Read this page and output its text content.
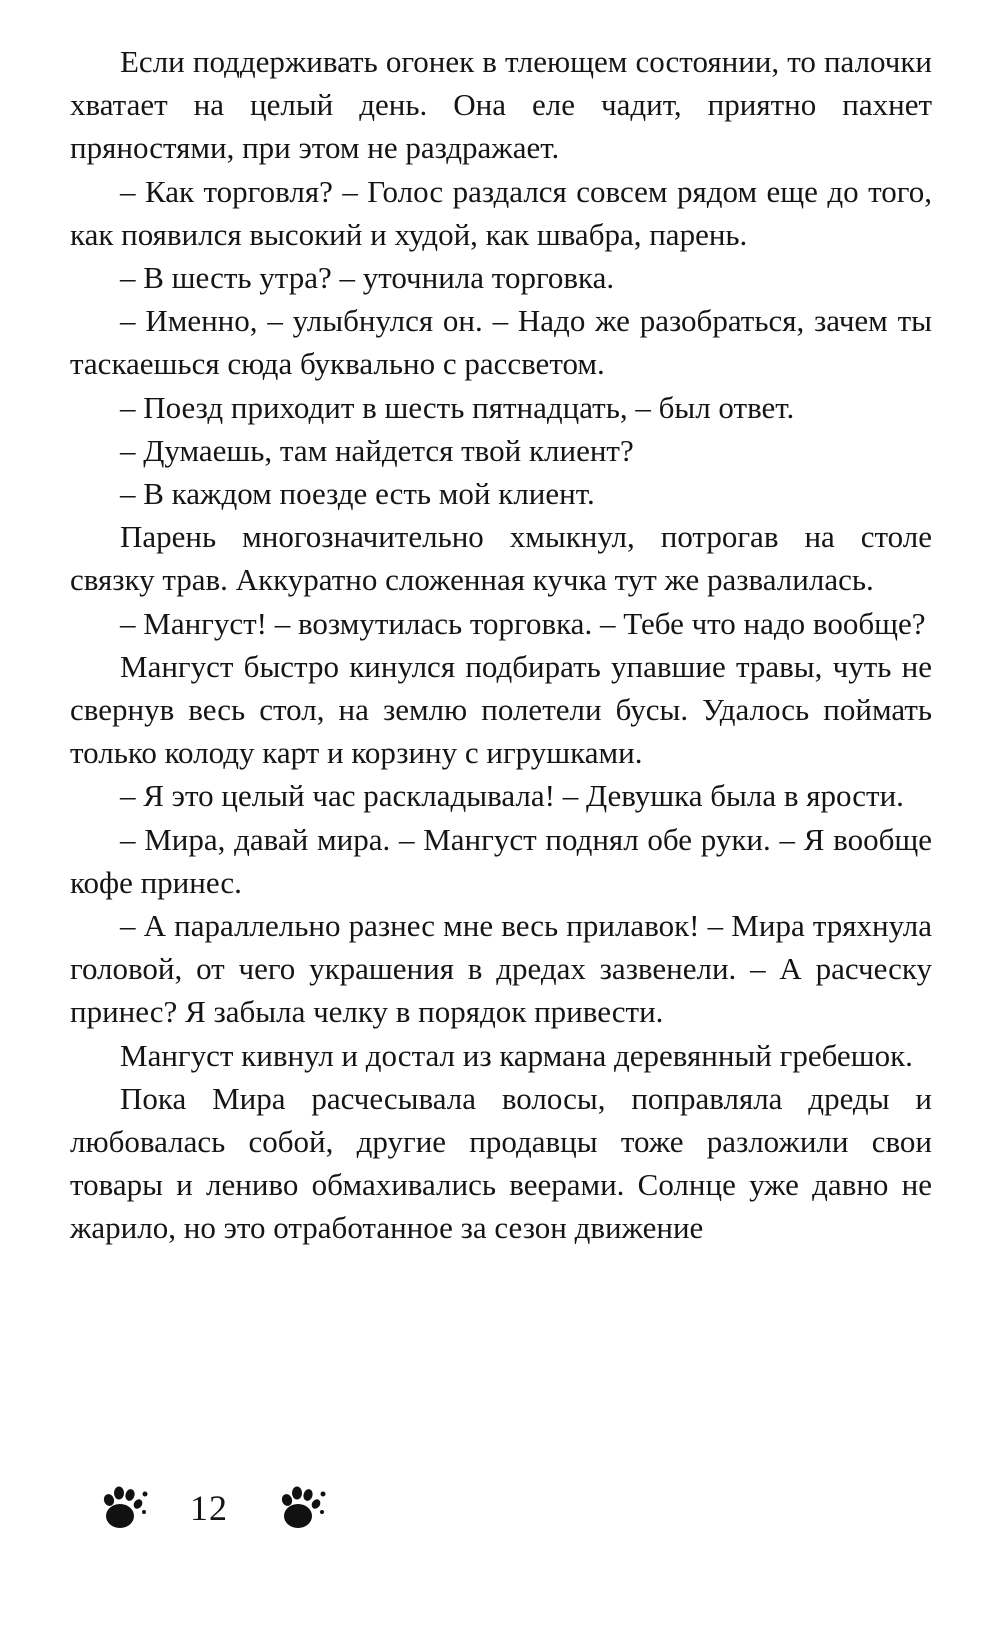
Если поддерживать огонек в тлеющем состоянии, то палочки хватает на целый день. Она еле чадит, приятно пахнет пряностями, при этом не раздражает.

– Как торговля? – Голос раздался совсем рядом еще до того, как появился высокий и худой, как швабра, парень.

– В шесть утра? – уточнила торговка.

– Именно, – улыбнулся он. – Надо же разобраться, зачем ты таскаешься сюда буквально с рассветом.

– Поезд приходит в шесть пятнадцать, – был ответ.

– Думаешь, там найдется твой клиент?

– В каждом поезде есть мой клиент.

Парень многозначительно хмыкнул, потрогав на столе связку трав. Аккуратно сложенная кучка тут же развалилась.

– Мангуст! – возмутилась торговка. – Тебе что надо вообще?

Мангуст быстро кинулся подбирать упавшие травы, чуть не свернув весь стол, на землю полетели бусы. Удалось поймать только колоду карт и корзину с игрушками.

– Я это целый час раскладывала! – Девушка была в ярости.

– Мира, давай мира. – Мангуст поднял обе руки. – Я вообще кофе принес.

– А параллельно разнес мне весь прилавок! – Мира тряхнула головой, от чего украшения в дредах зазвенели. – А расческу принес? Я забыла челку в порядок привести.

Мангуст кивнул и достал из кармана деревянный гребешок.

Пока Мира расчесывала волосы, поправляла дреды и любовалась собой, другие продавцы тоже разложили свои товары и лениво обмахивались веерами. Солнце уже давно не жарило, но это отработанное за сезон движение

12
